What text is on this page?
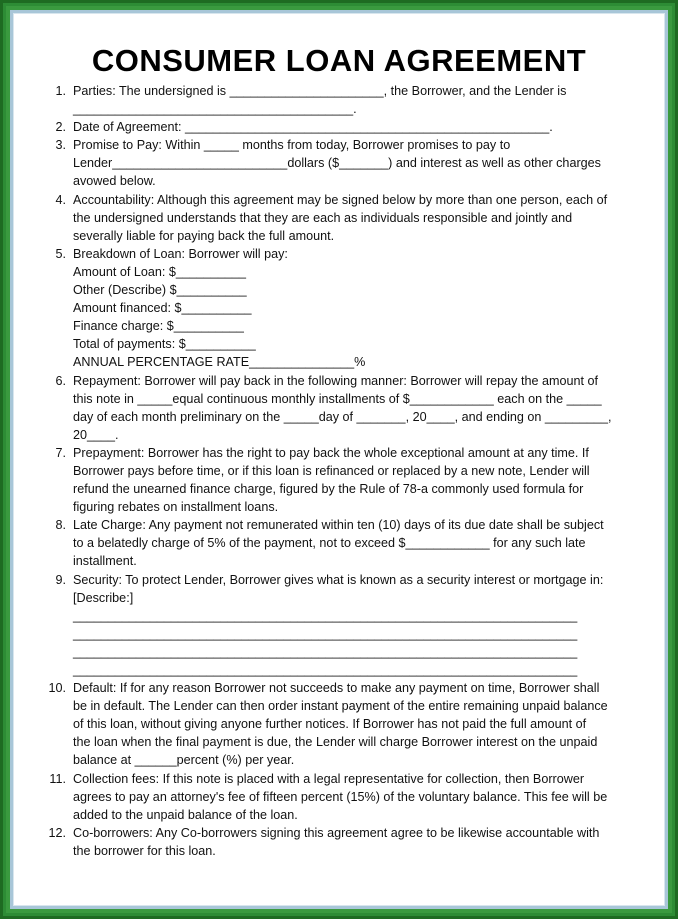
CONSUMER LOAN AGREEMENT
1. Parties: The undersigned is ______________________, the Borrower, and the Lender is
________________________________________.
2. Date of Agreement: ____________________________________________________.
3. Promise to Pay: Within _____ months from today, Borrower promises to pay to
Lender_________________________dollars ($_______) and interest as well as other charges
avowed below.
4. Accountability: Although this agreement may be signed below by more than one person, each of
the undersigned understands that they are each as individuals responsible and jointly and
severally liable for paying back the full amount.
5. Breakdown of Loan: Borrower will pay:
Amount of Loan: $__________
Other (Describe) $__________
Amount financed: $__________
Finance charge: $__________
Total of payments: $__________
ANNUAL PERCENTAGE RATE_______________%
6. Repayment: Borrower will pay back in the following manner: Borrower will repay the amount of
this note in _____equal continuous monthly installments of $____________ each on the _____
day of each month preliminary on the _____day of _______, 20____, and ending on _________,
20____.
7. Prepayment: Borrower has the right to pay back the whole exceptional amount at any time. If
Borrower pays before time, or if this loan is refinanced or replaced by a new note, Lender will
refund the unearned finance charge, figured by the Rule of 78-a commonly used formula for
figuring rebates on installment loans.
8. Late Charge: Any payment not remunerated within ten (10) days of its due date shall be subject
to a belatedly charge of 5% of the payment, not to exceed $____________ for any such late
installment.
9. Security: To protect Lender, Borrower gives what is known as a security interest or mortgage in:
[Describe:]
________________________________________________________________________
________________________________________________________________________
________________________________________________________________________
________________________________________________________________________
10. Default: If for any reason Borrower not succeeds to make any payment on time, Borrower shall
be in default. The Lender can then order instant payment of the entire remaining unpaid balance
of this loan, without giving anyone further notices. If Borrower has not paid the full amount of
the loan when the final payment is due, the Lender will charge Borrower interest on the unpaid
balance at ______percent (%) per year.
11. Collection fees: If this note is placed with a legal representative for collection, then Borrower
agrees to pay an attorney's fee of fifteen percent (15%) of the voluntary balance. This fee will be
added to the unpaid balance of the loan.
12. Co-borrowers: Any Co-borrowers signing this agreement agree to be likewise accountable with
the borrower for this loan.
